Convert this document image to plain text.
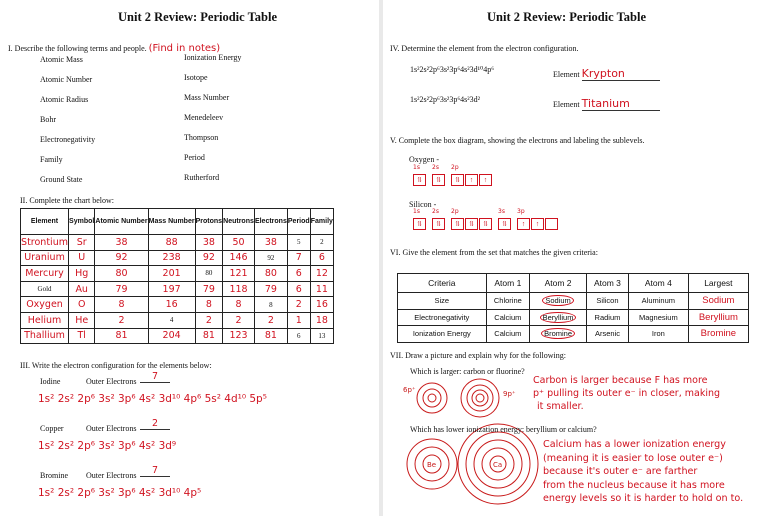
Unit 2 Review: Periodic Table
I. Describe the following terms and people. (Find in notes)
Atomic Mass
Atomic Number
Atomic Radius
Bohr
Electronegativity
Family
Ground State
Ionization Energy
Isotope
Mass Number
Menedeleev
Thompson
Period
Rutherford
II. Complete the chart below:
Element	Symbol	Atomic Number	Mass Number	Protons	Neutrons	Electrons	Period	Family
Strontium	Sr	38	88	38	50	38	5	2
Uranium	U	92	238	92	146	92	7	6
Mercury	Hg	80	201	80	121	80	6	12
Gold	Au	79	197	79	118	79	6	11
Oxygen	O	8	16	8	8	8	2	16
Helium	He	2	4	2	2	2	1	18
Thallium	Tl	81	204	81	123	81	6	13
III. Write the electron configuration for the elements below:
Iodine	Outer Electrons	7
1s² 2s² 2p⁶ 3s² 3p⁶ 4s² 3d¹⁰ 4p⁶ 5s² 4d¹⁰ 5p⁵
Copper	Outer Electrons	2
1s² 2s² 2p⁶ 3s² 3p⁶ 4s² 3d⁹
Bromine Outer Electrons	7
1s² 2s² 2p⁶ 3s² 3p⁶ 4s² 3d¹⁰ 4p⁵
Unit 2 Review: Periodic Table
IV. Determine the element from the electron configuration.
1s²2s²2p⁶3s²3p⁶4s²3d¹⁰4p⁶
Element Krypton
1s²2s²2p⁶3s²3p⁶4s²3d²
Element Titanium
V. Complete the box diagram, showing the electrons and labeling the sublevels.
Oxygen -
1s
⥮
2s
⥮
2p
⥮ ↑ ↑
Silicon -
1s
⥮
2s
⥮
2p
⥮ ⥮ ⥮
3s
⥮
3p
↑ ↑
VI. Give the element from the set that matches the given criteria:
Criteria	Atom 1	Atom 2	Atom 3	Atom 4	Largest
Size	Chlorine	Sodium	Silicon	Aluminum	Sodium
Electronegativity	Calcium	Beryllium	Radium	Magnesium	Beryllium
Ionization Energy	Calcium	Bromine	Arsenic	Iron	Bromine
VII. Draw a picture and explain why for the following:
Which is larger: carbon or fluorine?
6p⁺	9p⁺
Be	Ca
Carbon is larger because F has more
p⁺ pulling its outer e⁻ in closer, making
it smaller.
Which has lower ionization energy: beryllium or calcium?
Calcium has a lower ionization energy
(meaning it is easier to lose outer e⁻)
because it's outer e⁻ are farther
from the nucleus because it has more
energy levels so it is harder to hold on to.
